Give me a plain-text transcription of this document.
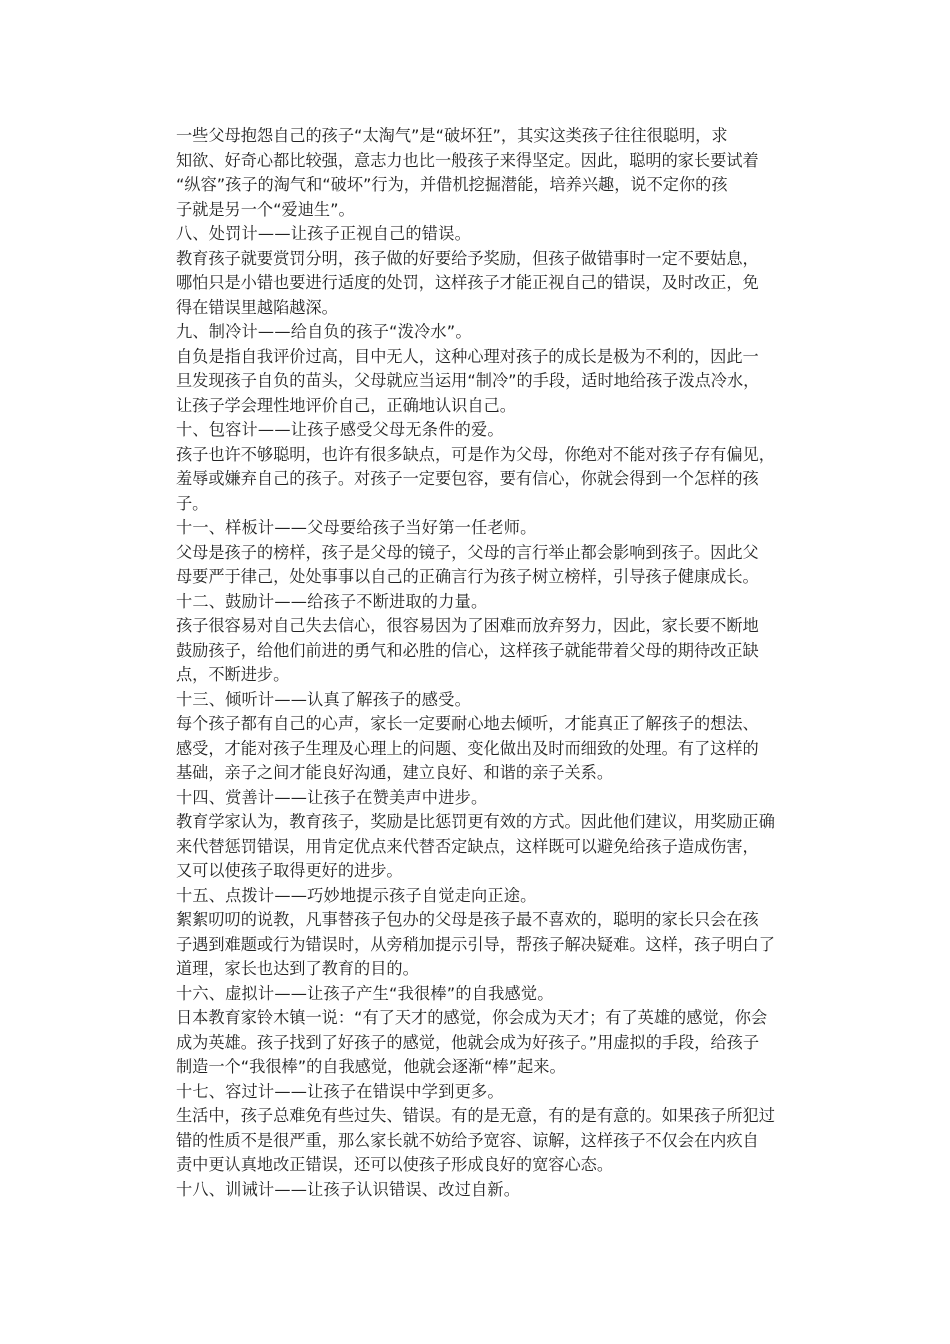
一些父母抱怨自己的孩子“太淘气”是“破坏狂”，其实这类孩子往往很聪明，求
知欲、好奇心都比较强，意志力也比一般孩子来得坚定。因此，聪明的家长要试着
“纵容”孩子的淘气和“破坏”行为，并借机挖掘潜能，培养兴趣，说不定你的孩
子就是另一个“爱迪生”。
八、处罚计——让孩子正视自己的错误。
教育孩子就要赏罚分明，孩子做的好要给予奖励，但孩子做错事时一定不要姑息，
哪怕只是小错也要进行适度的处罚，这样孩子才能正视自己的错误，及时改正，免
得在错误里越陷越深。
九、制冷计——给自负的孩子“泼冷水”。
自负是指自我评价过高，目中无人，这种心理对孩子的成长是极为不利的，因此一
旦发现孩子自负的苗头，父母就应当运用“制冷”的手段，适时地给孩子泼点冷水，
让孩子学会理性地评价自己，正确地认识自己。
十、包容计——让孩子感受父母无条件的爱。
孩子也许不够聪明，也许有很多缺点，可是作为父母，你绝对不能对孩子存有偏见，
羞辱或嫌弃自己的孩子。对孩子一定要包容，要有信心，你就会得到一个怎样的孩
子。
十一、样板计——父母要给孩子当好第一任老师。
父母是孩子的榜样，孩子是父母的镜子，父母的言行举止都会影响到孩子。因此父
母要严于律己，处处事事以自己的正确言行为孩子树立榜样，引导孩子健康成长。
十二、鼓励计——给孩子不断进取的力量。
孩子很容易对自己失去信心，很容易因为了困难而放弃努力，因此，家长要不断地
鼓励孩子，给他们前进的勇气和必胜的信心，这样孩子就能带着父母的期待改正缺
点，不断进步。
十三、倾听计——认真了解孩子的感受。
每个孩子都有自己的心声，家长一定要耐心地去倾听，才能真正了解孩子的想法、
感受，才能对孩子生理及心理上的问题、变化做出及时而细致的处理。有了这样的
基础，亲子之间才能良好沟通，建立良好、和谐的亲子关系。
十四、赏善计——让孩子在赞美声中进步。
教育学家认为，教育孩子，奖励是比惩罚更有效的方式。因此他们建议，用奖励正确
来代替惩罚错误，用肯定优点来代替否定缺点，这样既可以避免给孩子造成伤害，
又可以使孩子取得更好的进步。
十五、点拨计——巧妙地提示孩子自觉走向正途。
絮絮叨叨的说教，凡事替孩子包办的父母是孩子最不喜欢的，聪明的家长只会在孩
子遇到难题或行为错误时，从旁稍加提示引导，帮孩子解决疑难。这样，孩子明白了
道理，家长也达到了教育的目的。
十六、虚拟计——让孩子产生“我很棒”的自我感觉。
日本教育家铃木镇一说：“有了天才的感觉，你会成为天才；有了英雄的感觉，你会
成为英雄。孩子找到了好孩子的感觉，他就会成为好孩子。”用虚拟的手段，给孩子
制造一个“我很棒”的自我感觉，他就会逐渐“棒”起来。
十七、容过计——让孩子在错误中学到更多。
生活中，孩子总难免有些过失、错误。有的是无意，有的是有意的。如果孩子所犯过
错的性质不是很严重，那么家长就不妨给予宽容、谅解，这样孩子不仅会在内疚自
责中更认真地改正错误，还可以使孩子形成良好的宽容心态。
十八、训诫计——让孩子认识错误、改过自新。
